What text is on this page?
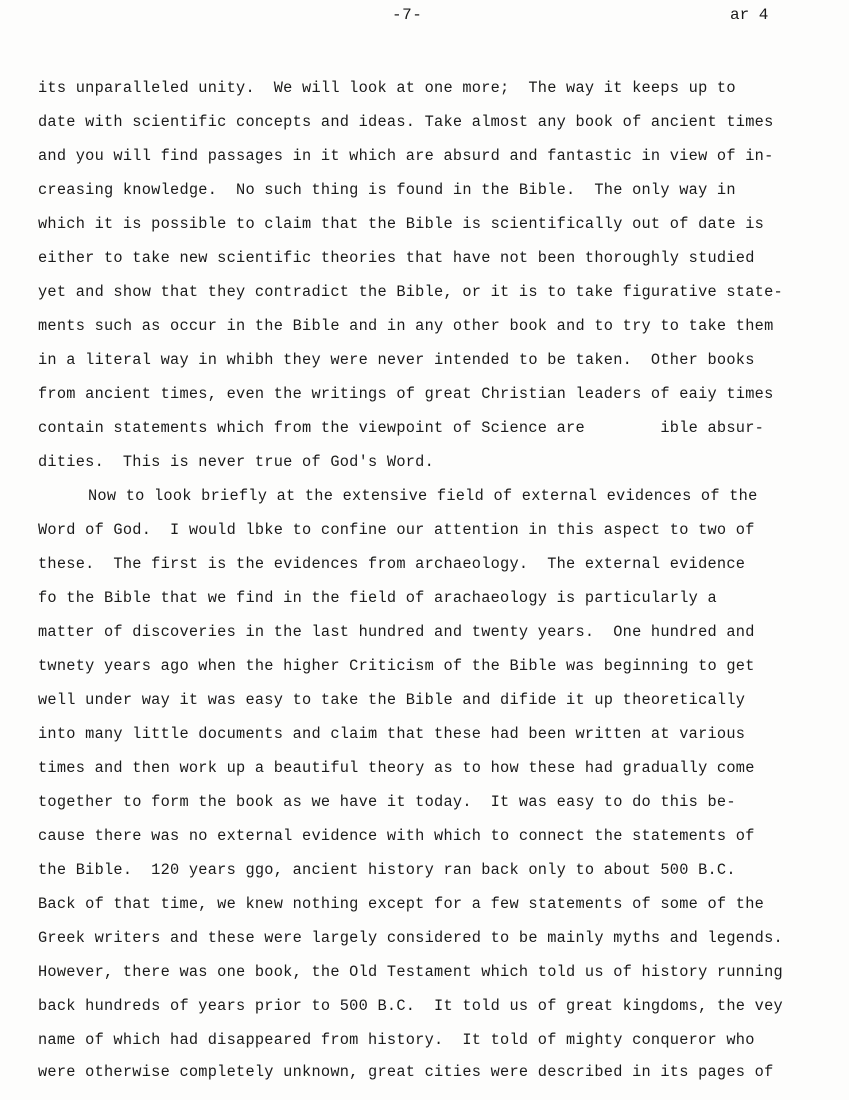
-7-	ar 4
its unparalleled unity.  We will look at one more;  The way it keeps up to
date with scientific concepts and ideas. Take almost any book of ancient times
and you will find passages in it which are absurd and fantastic in view of in-
creasing knowledge.  No such thing is found in the Bible.  The only way in
which it is possible to claim that the Bible is scientifically out of date is
either to take new scientific theories that have not been thoroughly studied
yet and show that they contradict the Bible, or it is to take figurative state-
ments such as occur in the Bible and in any other book and to try to take them
in a literal way in whibh they were never intended to be taken.  Other books
from ancient times, even the writings of great Christian leaders of eaiy times
contain statements which from the viewpoint of Science are        ible absur-
dities.  This is never true of God's Word.
Now to look briefly at the extensive field of external evidences of the
Word of God.  I would lbke to confine our attention in this aspect to two of
these.  The first is the evidences from archaeology.  The external evidence
fo the Bible that we find in the field of arachaeology is particularly a
matter of discoveries in the last hundred and twenty years.  One hundred and
twnety years ago when the higher Criticism of the Bible was beginning to get
well under way it was easy to take the Bible and difide it up theoretically
into many little documents and claim that these had been written at various
times and then work up a beautiful theory as to how these had gradually come
together to form the book as we have it today.  It was easy to do this be-
cause there was no external evidence with which to connect the statements of
the Bible.  120 years ggo, ancient history ran back only to about 500 B.C.
Back of that time, we knew nothing except for a few statements of some of the
Greek writers and these were largely considered to be mainly myths and legends.
However, there was one book, the Old Testament which told us of history running
back hundreds of years prior to 500 B.C.  It told us of great kingdoms, the vey
name of which had disappeared from history.  It told of mighty conqueror who
were otherwise completely unknown, great cities were described in its pages of
